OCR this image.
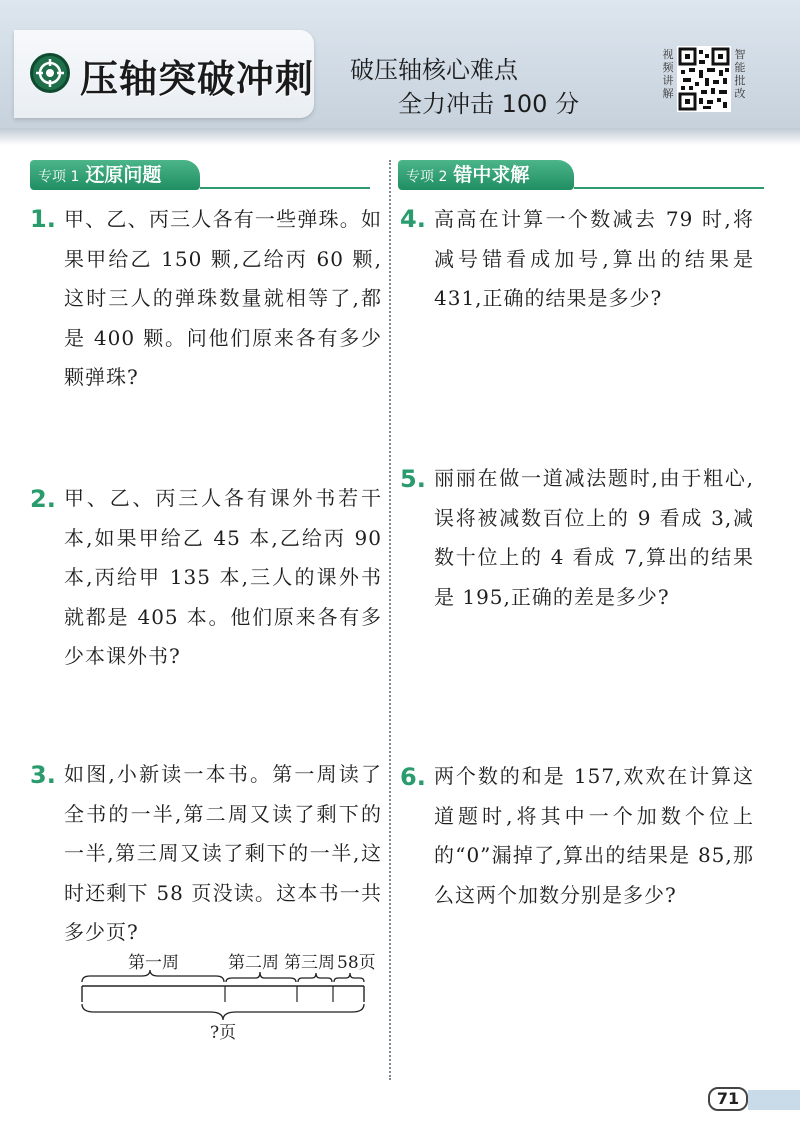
压轴突破冲刺 破压轴核心难点
全力冲击 100 分
视频讲解
智能批改
专项 1 还原问题	专项 2 错中求解
1. 甲、乙、丙三人各有一些弹珠。如果甲给乙 150 颗,乙给丙 60 颗,这时三人的弹珠数量就相等了,都是 400 颗。问他们原来各有多少颗弹珠?
2. 甲、乙、丙三人各有课外书若干本,如果甲给乙 45 本,乙给丙 90 本,丙给甲 135 本,三人的课外书就都是 405 本。他们原来各有多少本课外书?
3. 如图,小新读一本书。第一周读了全书的一半,第二周又读了剩下的一半,第三周又读了剩下的一半,这时还剩下 58 页没读。这本书一共多少页?
第一周	第二周 第三周 58页
?页
4. 高高在计算一个数减去 79 时,将减号错看成加号,算出的结果是 431,正确的结果是多少?
5. 丽丽在做一道减法题时,由于粗心,误将被减数百位上的 9 看成 3,减数十位上的 4 看成 7,算出的结果是 195,正确的差是多少?
6. 两个数的和是 157,欢欢在计算这道题时,将其中一个加数个位上的“0”漏掉了,算出的结果是 85,那么这两个加数分别是多少?
71
